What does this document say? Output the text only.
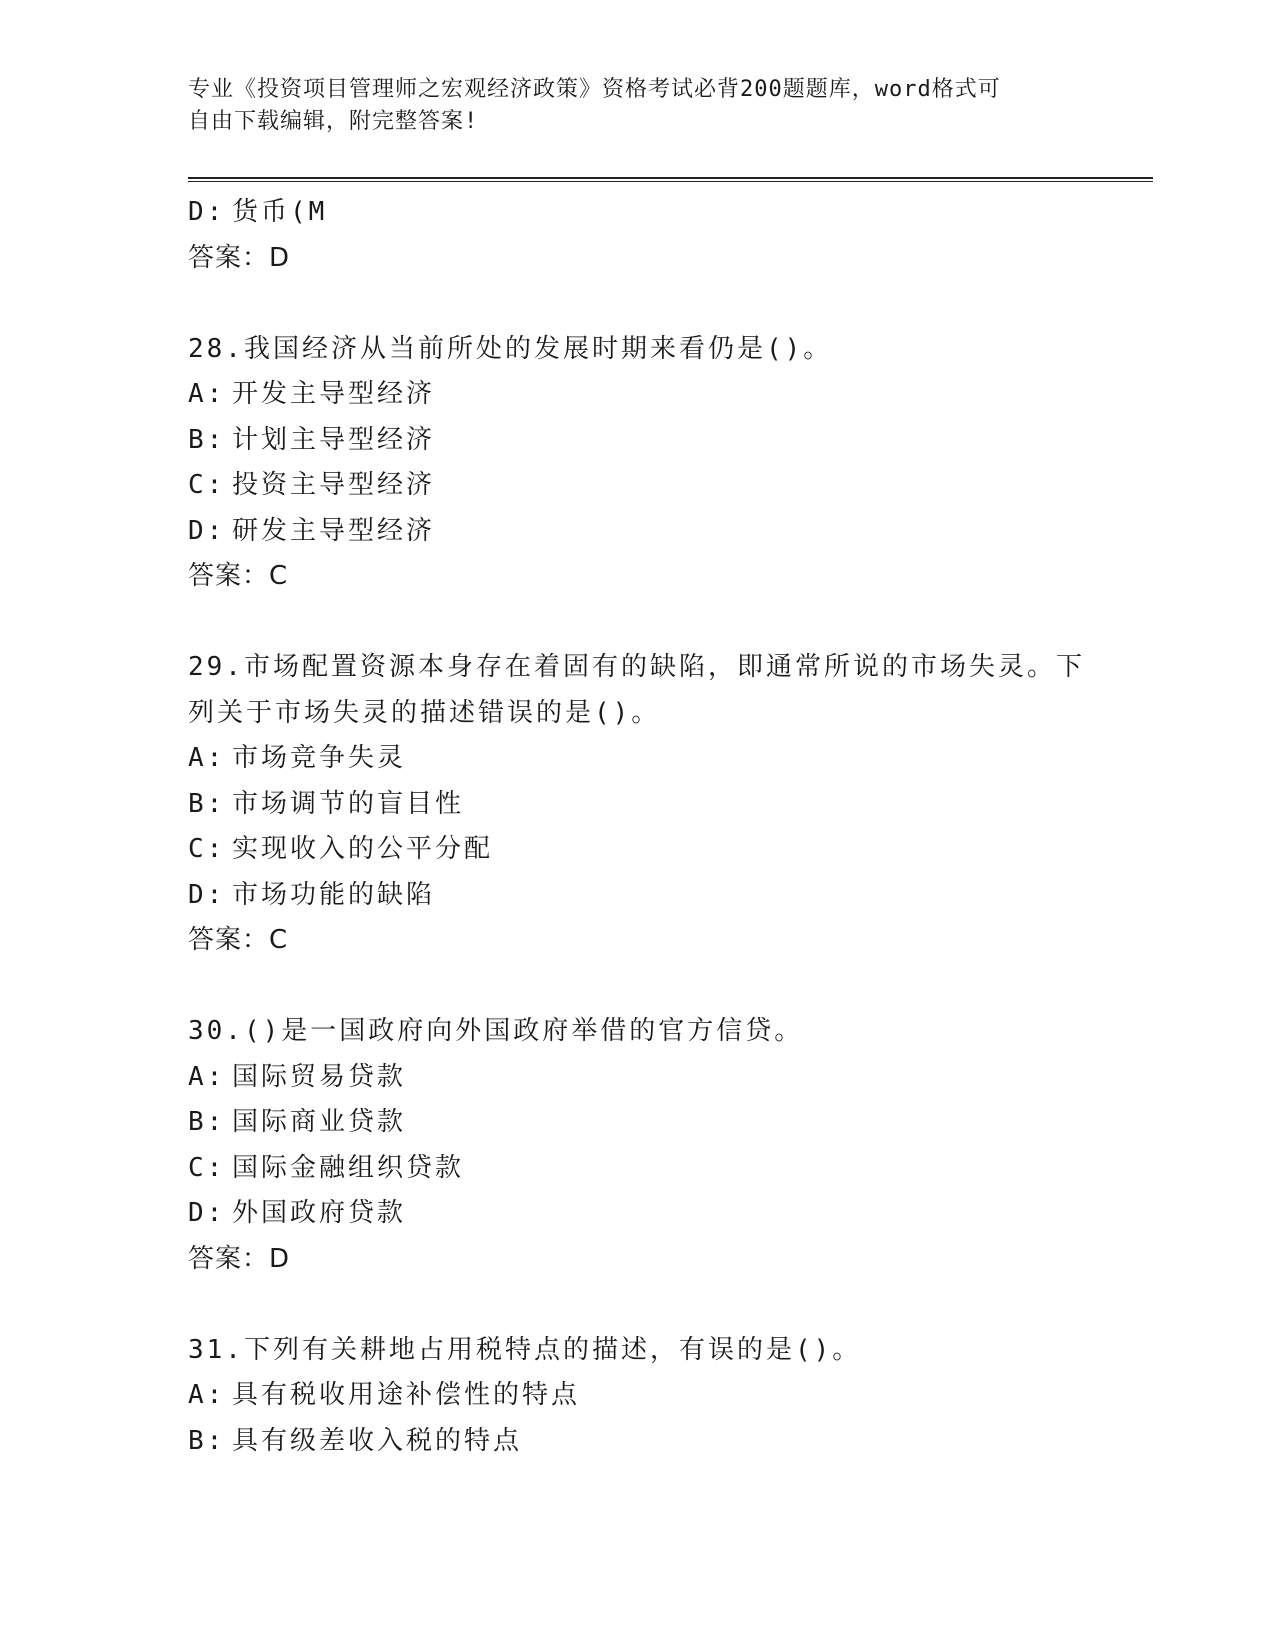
专业《投资项目管理师之宏观经济政策》资格考试必背200题题库，word格式可
自由下载编辑，附完整答案!
D: 货币(M
答案：D
28.我国经济从当前所处的发展时期来看仍是()。
A: 开发主导型经济
B: 计划主导型经济
C: 投资主导型经济
D: 研发主导型经济
答案：C
29.市场配置资源本身存在着固有的缺陷，即通常所说的市场失灵。下
列关于市场失灵的描述错误的是()。
A: 市场竞争失灵
B: 市场调节的盲目性
C: 实现收入的公平分配
D: 市场功能的缺陷
答案：C
30.()是一国政府向外国政府举借的官方信贷。
A: 国际贸易贷款
B: 国际商业贷款
C: 国际金融组织贷款
D: 外国政府贷款
答案：D
31.下列有关耕地占用税特点的描述，有误的是()。
A: 具有税收用途补偿性的特点
B: 具有级差收入税的特点
